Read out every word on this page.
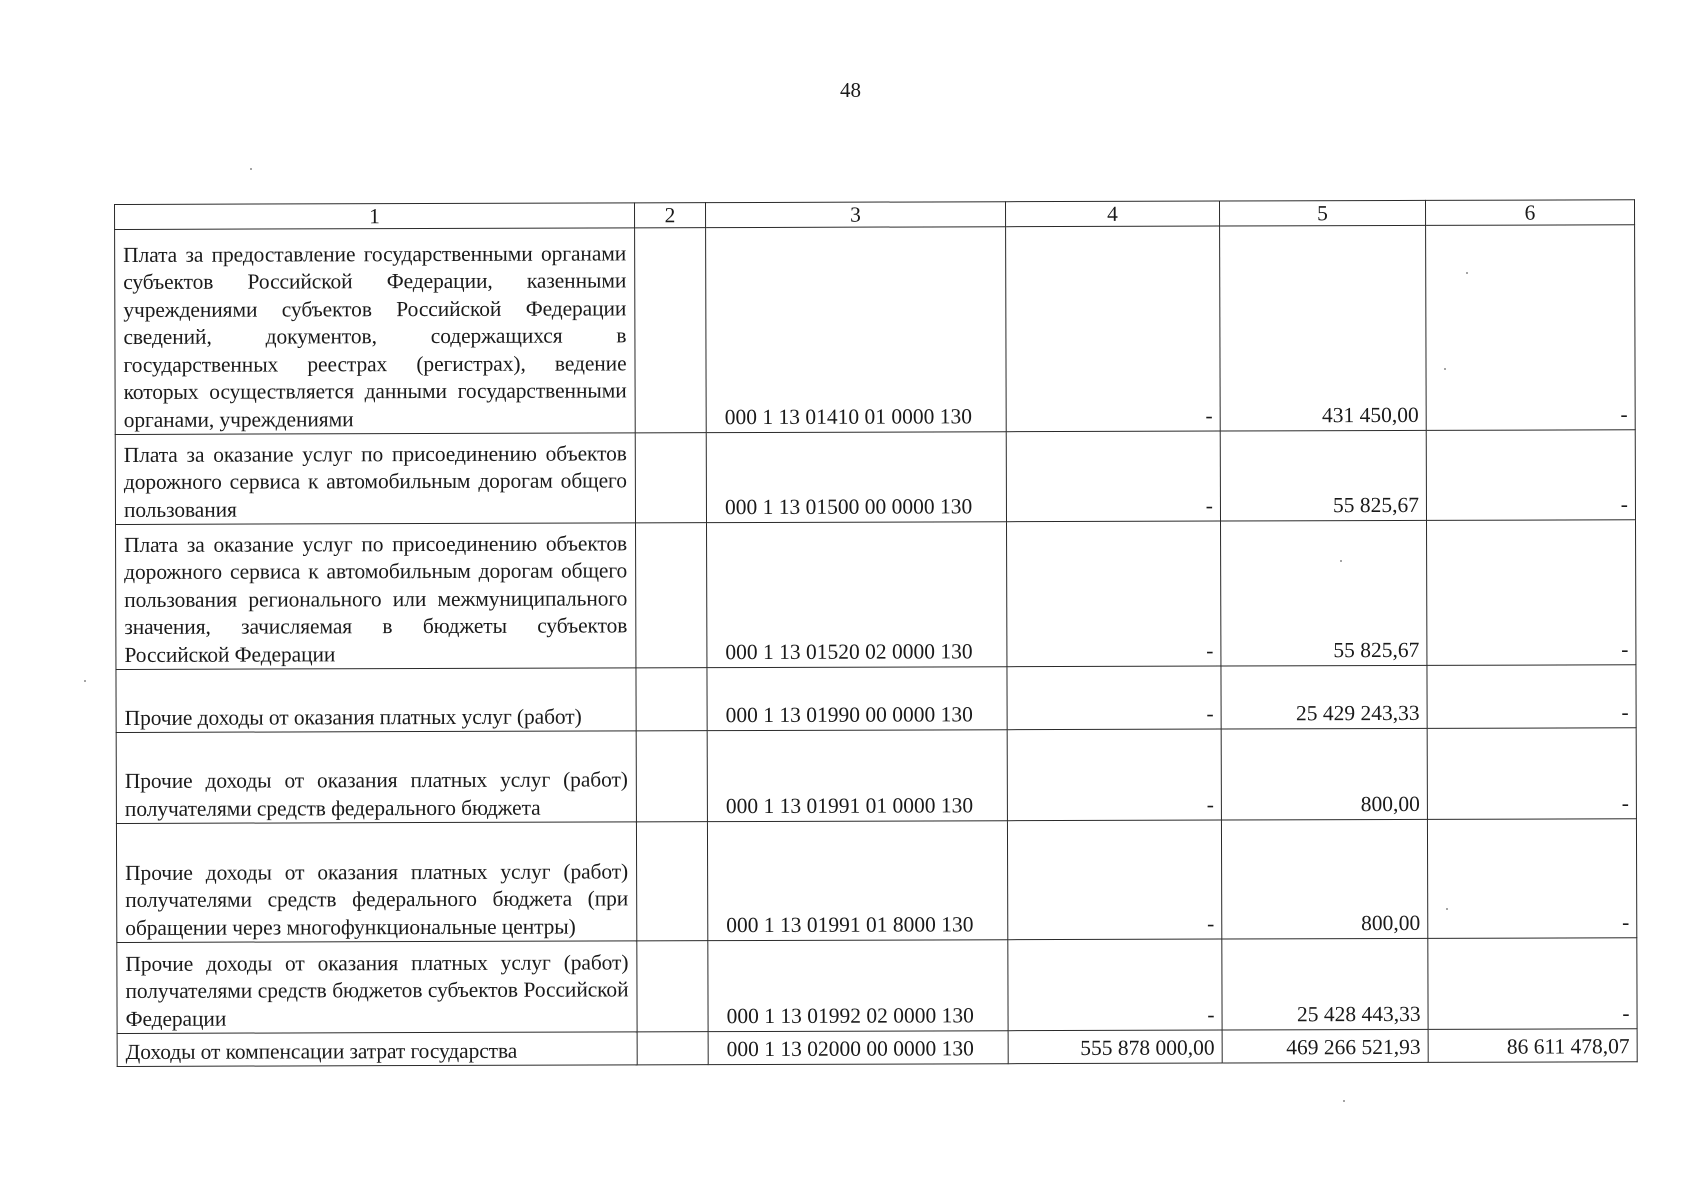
48
1	2	3	4	5	6
Плата за предоставление государственными органами субъектов Российской Федерации, казенными учреждениями субъектов Российской Федерации сведений, документов, содержащихся в государственных реестрах (регистрах), ведение которых осуществляется данными государственными органами, учреждениями		000 1 13 01410 01 0000 130	-	431 450,00	-
Плата за оказание услуг по присоединению объектов дорожного сервиса к автомобильным дорогам общего пользования		000 1 13 01500 00 0000 130	-	55 825,67	-
Плата за оказание услуг по присоединению объектов дорожного сервиса к автомобильным дорогам общего пользования регионального или межмуниципального значения, зачисляемая в бюджеты субъектов Российской Федерации		000 1 13 01520 02 0000 130	-	55 825,67	-
Прочие доходы от оказания платных услуг (работ)		000 1 13 01990 00 0000 130	-	25 429 243,33	-
Прочие доходы от оказания платных услуг (работ) получателями средств федерального бюджета		000 1 13 01991 01 0000 130	-	800,00	-
Прочие доходы от оказания платных услуг (работ) получателями средств федерального бюджета (при обращении через многофункциональные центры)		000 1 13 01991 01 8000 130	-	800,00	-
Прочие доходы от оказания платных услуг (работ) получателями средств бюджетов субъектов Российской Федерации		000 1 13 01992 02 0000 130	-	25 428 443,33	-
Доходы от компенсации затрат государства		000 1 13 02000 00 0000 130	555 878 000,00	469 266 521,93	86 611 478,07
